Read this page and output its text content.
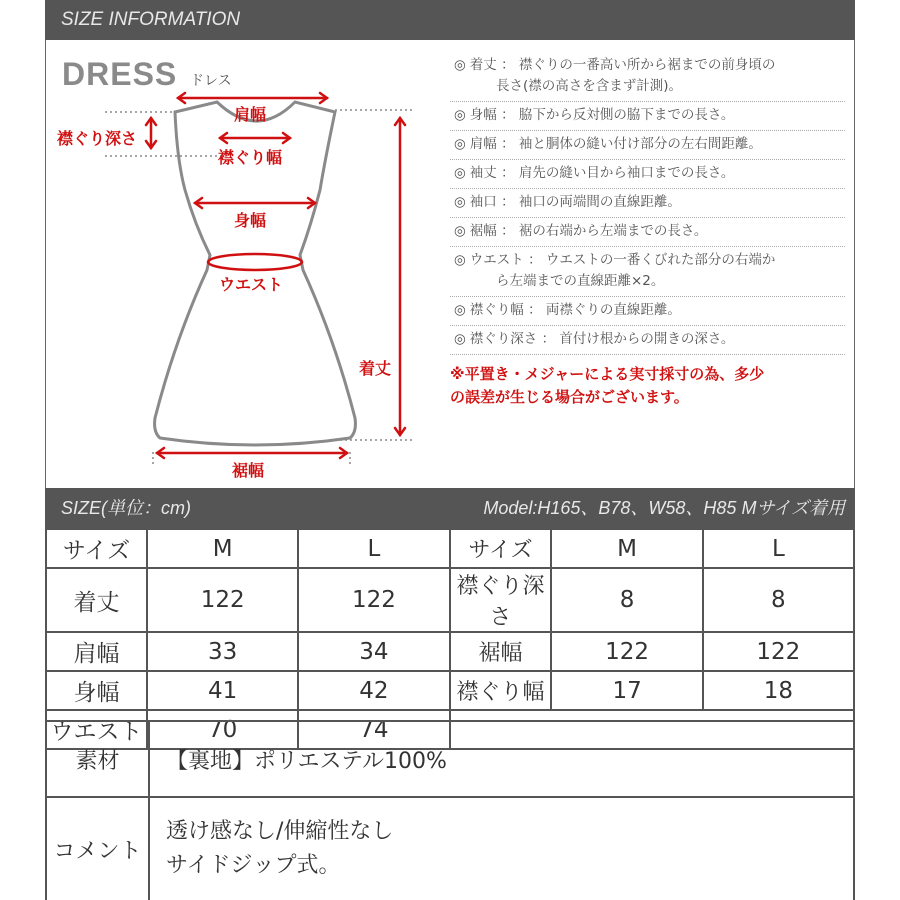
SIZE INFORMATION
DRESS ドレス
肩幅
襟ぐり深さ
襟ぐり幅
身幅
ウエスト
着丈
裾幅
◎ 着丈 ： 襟ぐりの一番高い所から裾までの前身頃の
長さ(襟の高さを含まず計測)。
◎ 身幅 ： 脇下から反対側の脇下までの長さ。
◎ 肩幅 ： 袖と胴体の縫い付け部分の左右間距離。
◎ 袖丈 ： 肩先の縫い目から袖口までの長さ。
◎ 袖口 ： 袖口の両端間の直線距離。
◎ 裾幅 ： 裾の右端から左端までの長さ。
◎ ウエスト ： ウエストの一番くびれた部分の右端か
ら左端までの直線距離×2。
◎ 襟ぐり幅 ： 両襟ぐりの直線距離。
◎ 襟ぐり深さ ： 首付け根からの開きの深さ。
※平置き・メジャーによる実寸採寸の為、多少
の誤差が生じる場合がございます。
SIZE(単位：cm)	Model:H165、B78、W58、H85 Mサイズ着用
サイズ	M	L	サイズ	M	L
着丈	122	122	襟ぐり深さ	8	8
肩幅	33	34	裾幅	122	122
身幅	41	42	襟ぐり幅	17	18
ウエスト	70	74			
素材	【裏地】ポリエステル100%
コメント	透け感なし/伸縮性なし
サイドジップ式。
